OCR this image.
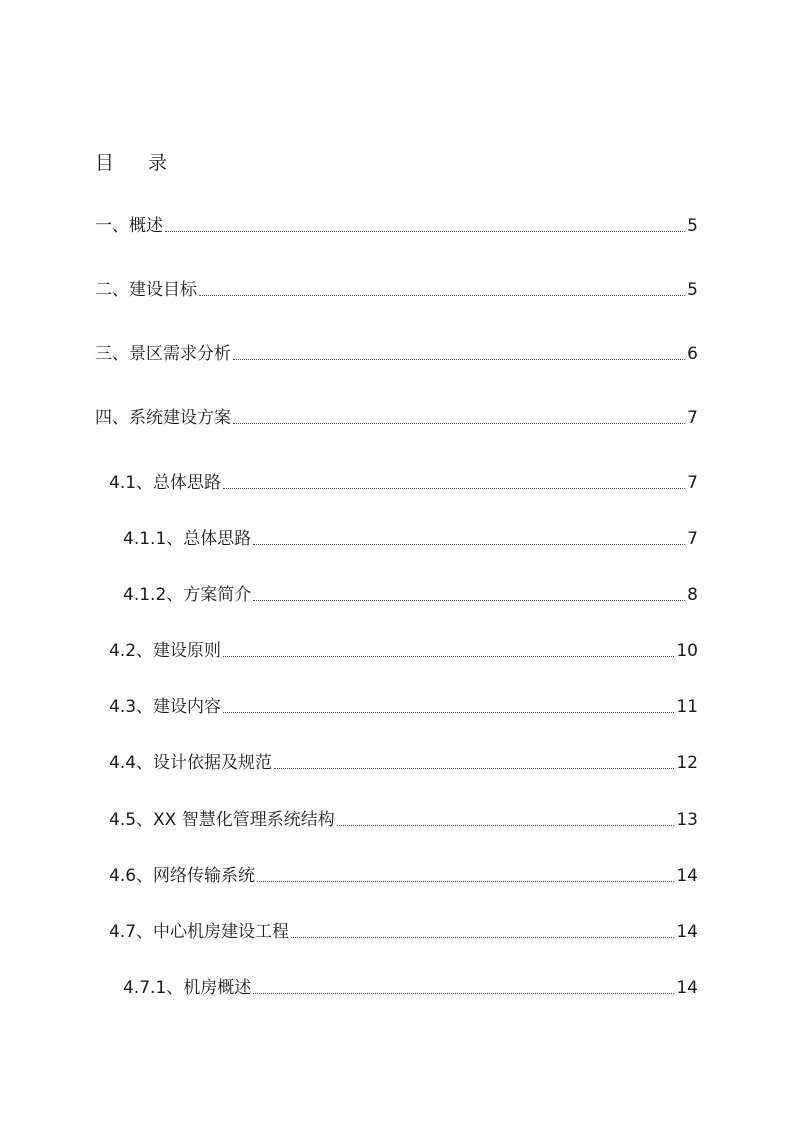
目 录
一、概述	5
二、建设目标	5
三、景区需求分析	6
四、系统建设方案	7
4.1、总体思路	7
4.1.1、总体思路	7
4.1.2、方案简介	8
4.2、建设原则	10
4.3、建设内容	11
4.4、设计依据及规范	12
4.5、XX 智慧化管理系统结构	13
4.6、网络传输系统	14
4.7、中心机房建设工程	14
4.7.1、机房概述	14
